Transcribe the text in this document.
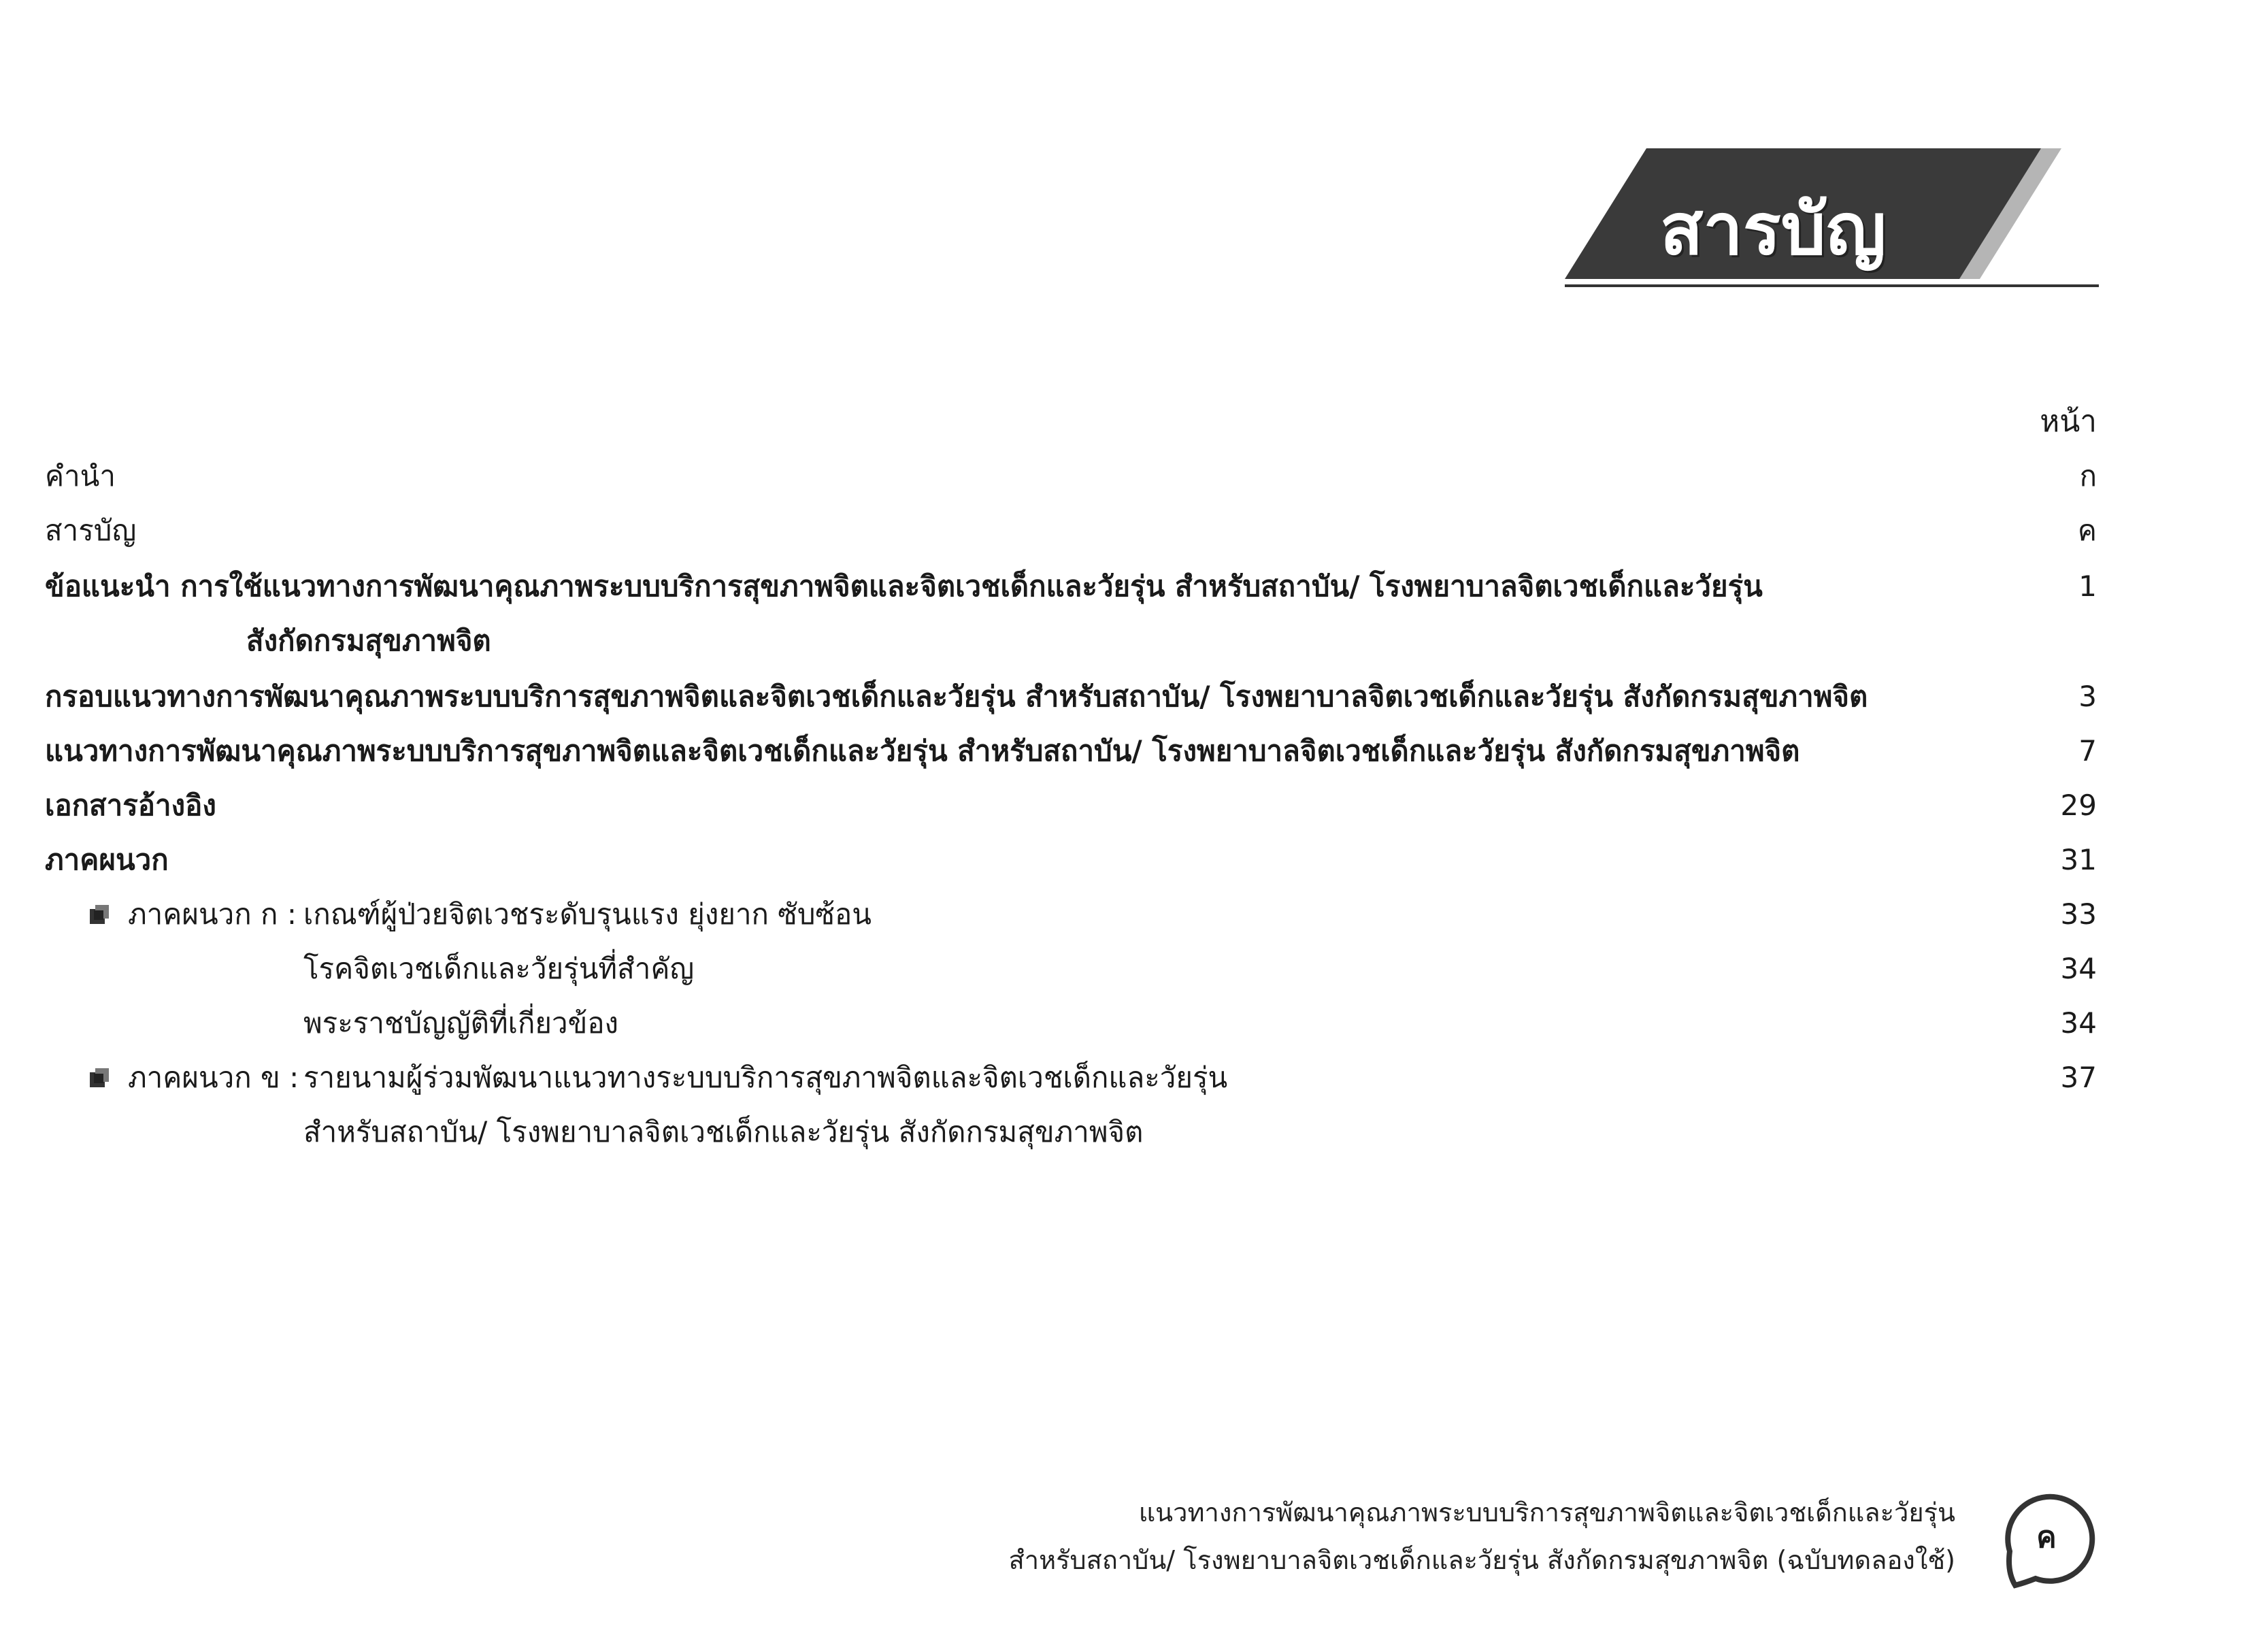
สารบัญ
หน้า
คำนำ	ก
สารบัญ	ค
ข้อแนะนำ การใช้แนวทางการพัฒนาคุณภาพระบบบริการสุขภาพจิตและจิตเวชเด็กและวัยรุ่น สำหรับสถาบัน/ โรงพยาบาลจิตเวชเด็กและวัยรุ่น	1
สังกัดกรมสุขภาพจิต
กรอบแนวทางการพัฒนาคุณภาพระบบบริการสุขภาพจิตและจิตเวชเด็กและวัยรุ่น สำหรับสถาบัน/ โรงพยาบาลจิตเวชเด็กและวัยรุ่น สังกัดกรมสุขภาพจิต	3
แนวทางการพัฒนาคุณภาพระบบบริการสุขภาพจิตและจิตเวชเด็กและวัยรุ่น สำหรับสถาบัน/ โรงพยาบาลจิตเวชเด็กและวัยรุ่น สังกัดกรมสุขภาพจิต	7
เอกสารอ้างอิง	29
ภาคผนวก	31
ภาคผนวก ก : เกณฑ์ผู้ป่วยจิตเวชระดับรุนแรง ยุ่งยาก ซับซ้อน	33
โรคจิตเวชเด็กและวัยรุ่นที่สำคัญ	34
พระราชบัญญัติที่เกี่ยวข้อง	34
ภาคผนวก ข : รายนามผู้ร่วมพัฒนาแนวทางระบบบริการสุขภาพจิตและจิตเวชเด็กและวัยรุ่น	37
สำหรับสถาบัน/ โรงพยาบาลจิตเวชเด็กและวัยรุ่น สังกัดกรมสุขภาพจิต
แนวทางการพัฒนาคุณภาพระบบบริการสุขภาพจิตและจิตเวชเด็กและวัยรุ่น
สำหรับสถาบัน/ โรงพยาบาลจิตเวชเด็กและวัยรุ่น สังกัดกรมสุขภาพจิต (ฉบับทดลองใช้)
ค
